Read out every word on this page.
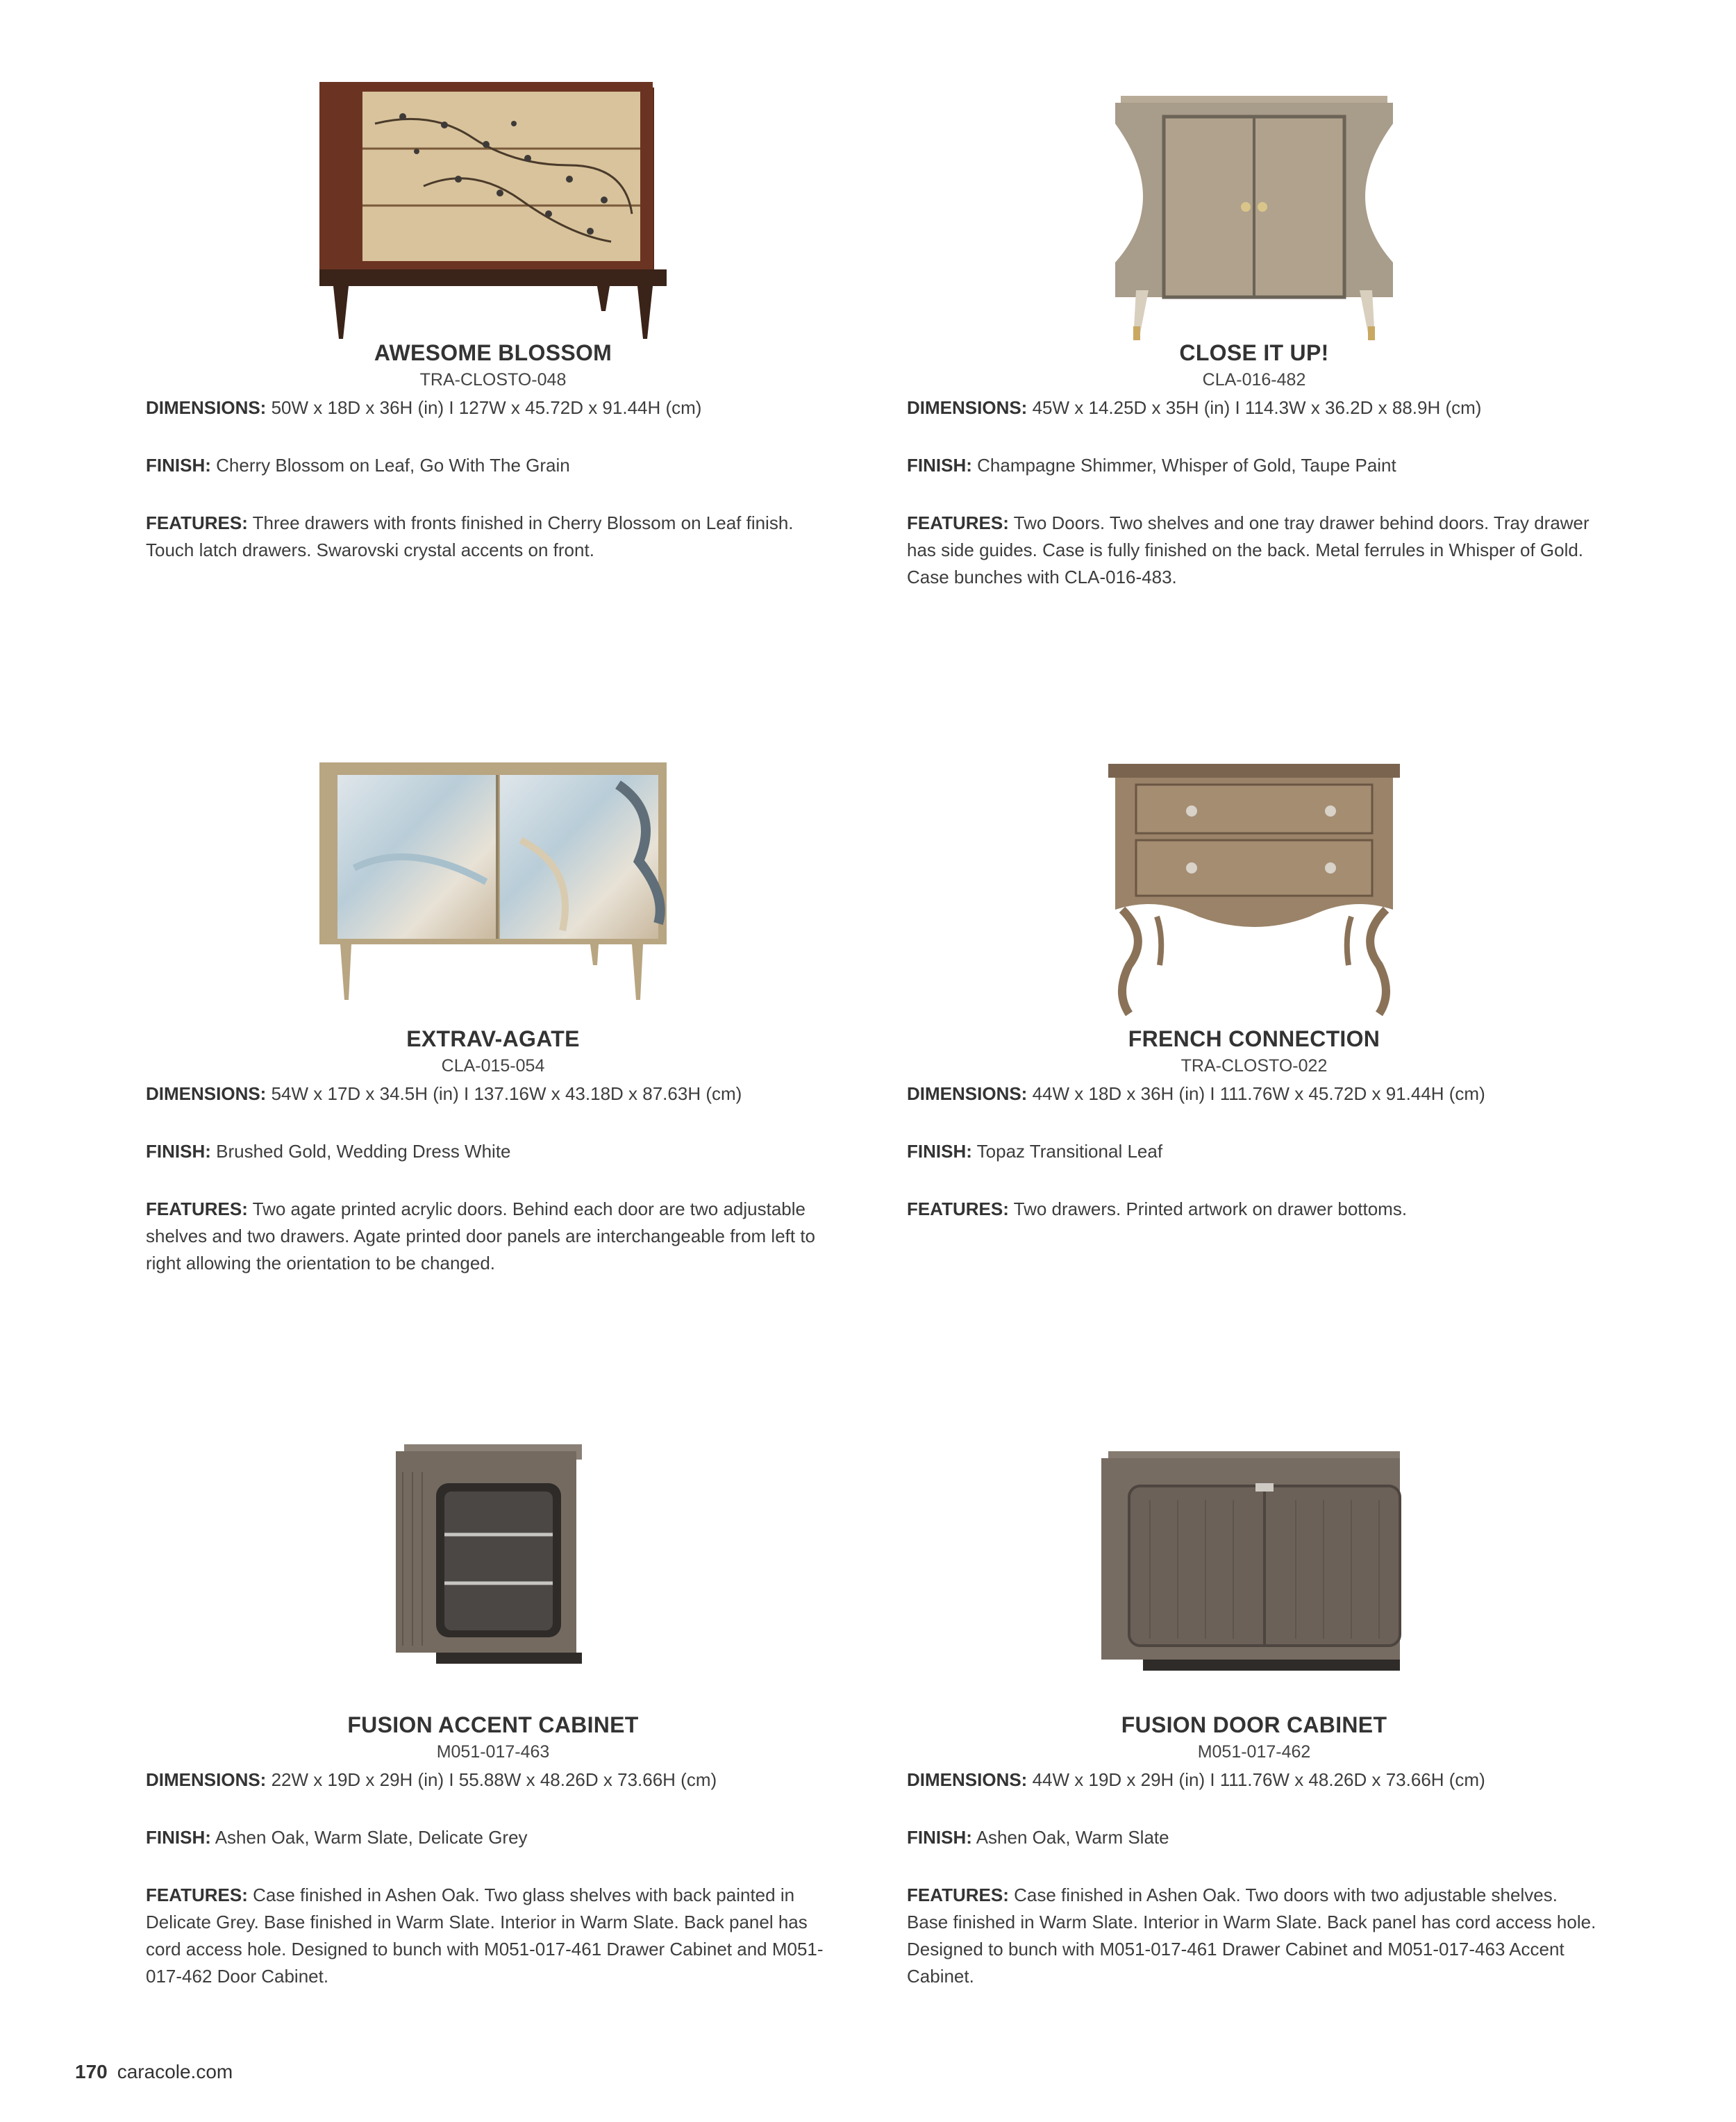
AWESOME BLOSSOM
TRA-CLOSTO-048
DIMENSIONS: 50W x 18D x 36H (in) I 127W x 45.72D x 91.44H (cm)
FINISH: Cherry Blossom on Leaf, Go With The Grain
FEATURES: Three drawers with fronts finished in Cherry Blossom on Leaf finish. Touch latch drawers. Swarovski crystal accents on front.
CLOSE IT UP!
CLA-016-482
DIMENSIONS: 45W x 14.25D x 35H (in) I 114.3W x 36.2D x 88.9H (cm)
FINISH: Champagne Shimmer, Whisper of Gold, Taupe Paint
FEATURES: Two Doors. Two shelves and one tray drawer behind doors. Tray drawer has side guides. Case is fully finished on the back. Metal ferrules in Whisper of Gold. Case bunches with CLA-016-483.
EXTRAV-AGATE
CLA-015-054
DIMENSIONS: 54W x 17D x 34.5H (in) I 137.16W x 43.18D x 87.63H (cm)
FINISH: Brushed Gold, Wedding Dress White
FEATURES: Two agate printed acrylic doors. Behind each door are two adjustable shelves and two drawers. Agate printed door panels are interchangeable from left to right allowing the orientation to be changed.
FRENCH CONNECTION
TRA-CLOSTO-022
DIMENSIONS: 44W x 18D x 36H (in) I 111.76W x 45.72D x 91.44H (cm)
FINISH: Topaz Transitional Leaf
FEATURES: Two drawers. Printed artwork on drawer bottoms.
FUSION ACCENT CABINET
M051-017-463
DIMENSIONS: 22W x 19D x 29H (in) I 55.88W x 48.26D x 73.66H (cm)
FINISH: Ashen Oak, Warm Slate, Delicate Grey
FEATURES: Case finished in Ashen Oak. Two glass shelves with back painted in Delicate Grey. Base finished in Warm Slate. Interior in Warm Slate. Back panel has cord access hole. Designed to bunch with M051-017-461 Drawer Cabinet and M051-017-462 Door Cabinet.
FUSION DOOR CABINET
M051-017-462
DIMENSIONS: 44W x 19D x 29H (in) I 111.76W x 48.26D x 73.66H (cm)
FINISH: Ashen Oak, Warm Slate
FEATURES: Case finished in Ashen Oak. Two doors with two adjustable shelves. Base finished in Warm Slate. Interior in Warm Slate. Back panel has cord access hole. Designed to bunch with M051-017-461 Drawer Cabinet and M051-017-463 Accent Cabinet.
170 caracole.com
